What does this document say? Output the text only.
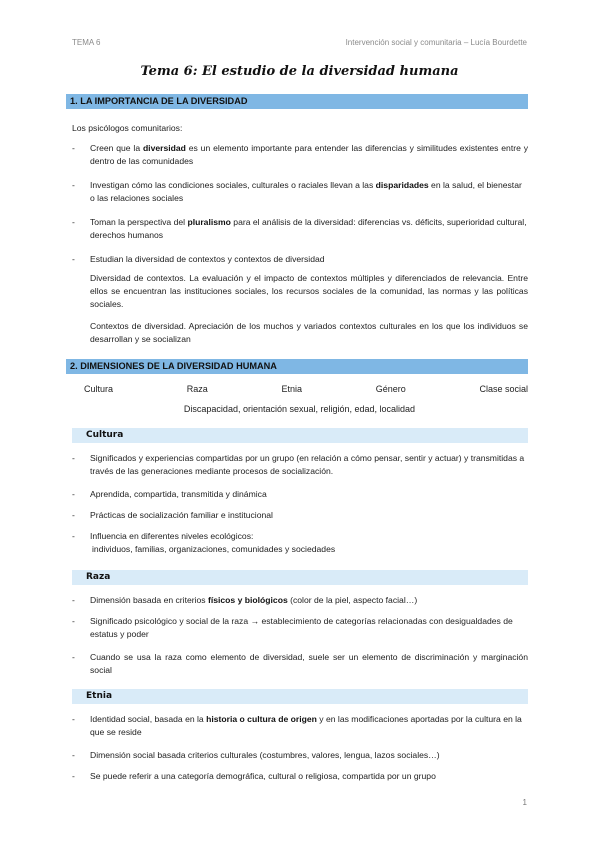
TEMA 6	Intervención social y comunitaria – Lucía Bourdette
Tema 6: El estudio de la diversidad humana
1. LA IMPORTANCIA DE LA DIVERSIDAD
Los psicólogos comunitarios:
-	Creen que la diversidad es un elemento importante para entender las diferencias y similitudes existentes entre y dentro de las comunidades
-	Investigan cómo las condiciones sociales, culturales o raciales llevan a las disparidades en la salud, el bienestar o las relaciones sociales
-	Toman la perspectiva del pluralismo para el análisis de la diversidad: diferencias vs. déficits, superioridad cultural, derechos humanos
-	Estudian la diversidad de contextos y contextos de diversidad
Diversidad de contextos. La evaluación y el impacto de contextos múltiples y diferenciados de relevancia. Entre ellos se encuentran las instituciones sociales, los recursos sociales de la comunidad, las normas y las políticas sociales.
Contextos de diversidad. Apreciación de los muchos y variados contextos culturales en los que los individuos se desarrollan y se socializan
2. DIMENSIONES DE LA DIVERSIDAD HUMANA
Cultura	Raza	Etnia	Género	Clase social
Discapacidad, orientación sexual, religión, edad, localidad
Cultura
-	Significados y experiencias compartidas por un grupo (en relación a cómo pensar, sentir y actuar) y transmitidas a través de las generaciones mediante procesos de socialización.
-	Aprendida, compartida, transmitida y dinámica
-	Prácticas de socialización familiar e institucional
-	Influencia en diferentes niveles ecológicos:
individuos, familias, organizaciones, comunidades y sociedades
Raza
-	Dimensión basada en criterios físicos y biológicos (color de la piel, aspecto facial…)
-	Significado psicológico y social de la raza → establecimiento de categorías relacionadas con desigualdades de estatus y poder
-	Cuando se usa la raza como elemento de diversidad, suele ser un elemento de discriminación y marginación social
Etnia
-	Identidad social, basada en la historia o cultura de origen y en las modificaciones aportadas por la cultura en la que se reside
-	Dimensión social basada criterios culturales (costumbres, valores, lengua, lazos sociales…)
-	Se puede referir a una categoría demográfica, cultural o religiosa, compartida por un grupo
1
